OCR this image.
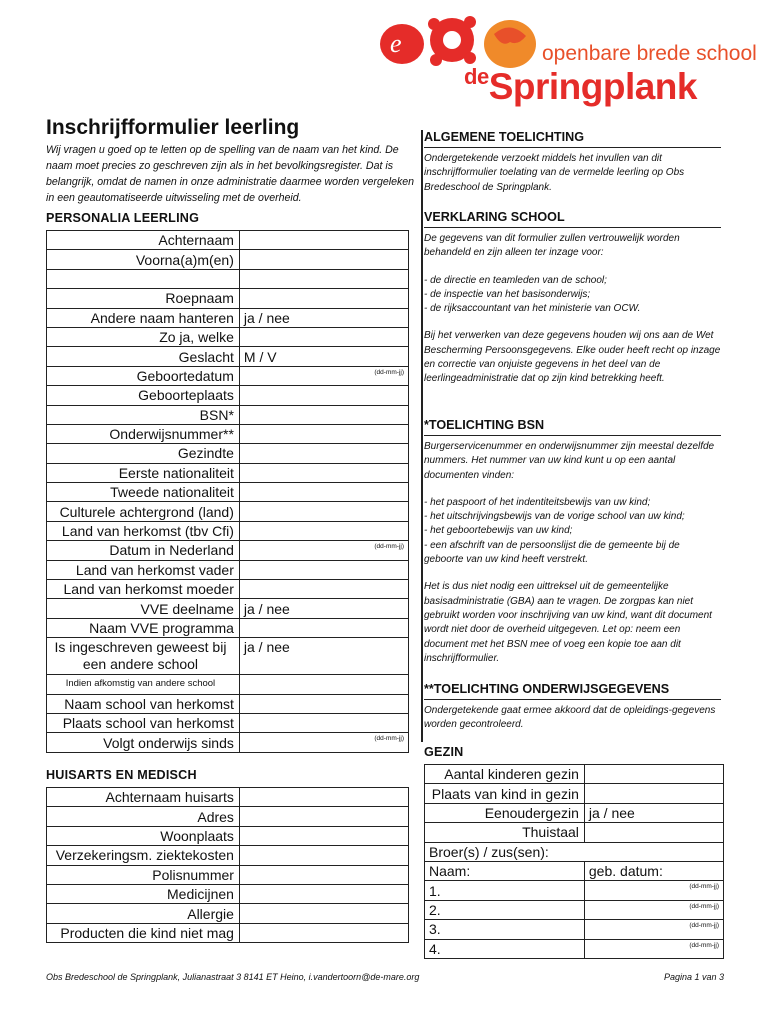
e	openbare brede school
$^{de}$Springplank
Inschrijfformulier leerling
Wij vragen u goed op te letten op de spelling van de naam van het kind. De naam moet precies zo geschreven zijn als in het bevolkingsregister. Dat is belangrijk, omdat de namen in onze administratie daarmee worden vergeleken in een geautomatiseerde uitwisseling met de overheid.
PERSONALIA LEERLING
Achternaam	
Voorna(a)m(en)	

Roepnaam	
Andere naam hanteren	ja / nee
Zo ja, welke	
Geslacht	M / V
Geboortedatum	(dd-mm-jj)

Geboorteplaats	
BSN*	
Onderwijsnummer**	
Gezindte	
Eerste nationaliteit	
Tweede nationaliteit	
Culturele achtergrond (land)	
Land van herkomst (tbv Cfi)	
Datum in Nederland	(dd-mm-jj)

Land van herkomst vader	
Land van herkomst moeder	
VVE deelname	ja / nee
Naam VVE programma	
Is ingeschreven geweest bij een andere school	ja / nee
Indien afkomstig van andere school	
Naam school van herkomst	
Plaats school van herkomst	
Volgt onderwijs sinds	(dd-mm-jj)
HUISARTS EN MEDISCH
Achternaam huisarts	
Adres	
Woonplaats	
Verzekeringsm. ziektekosten	
Polisnummer	
Medicijnen	
Allergie	
Producten die kind niet mag	
ALGEMENE TOELICHTING

Ondergetekende verzoekt middels het invullen van dit inschrijfformulier toelating van de vermelde leerling op Obs Bredeschool de Springplank.

VERKLARING SCHOOL

De gegevens van dit formulier zullen vertrouwelijk worden behandeld en zijn alleen ter inzage voor:

- de directie en teamleden van de school;
- de inspectie van het basisonderwijs;
- de rijksaccountant van het ministerie van OCW.

Bij het verwerken van deze gegevens houden wij ons aan de Wet Bescherming Persoonsgegevens. Elke ouder heeft recht op inzage en correctie van onjuiste gegevens in het deel van de leerlingeadministratie dat op zijn kind betrekking heeft.

*TOELICHTING BSN

Burgerservicenummer en onderwijsnummer zijn meestal dezelfde nummers. Het nummer van uw kind kunt u op een aantal documenten vinden:

- het paspoort of het indentiteitsbewijs van uw kind;
- het uitschrijvingsbewijs van de vorige school van uw kind;
- het geboortebewijs van uw kind;
- een afschrift van de persoonslijst die de gemeente bij de geboorte van uw kind heeft verstrekt.

Het is dus niet nodig een uittreksel uit de gemeentelijke basisadministratie (GBA) aan te vragen. De zorgpas kan niet gebruikt worden voor inschrijving van uw kind, want dit document wordt niet door de overheid uitgegeven. Let op: neem een document met het BSN mee of voeg een kopie toe aan dit inschrijfformulier.

**TOELICHTING ONDERWIJSGEGEVENS

Ondergetekende gaat ermee akkoord dat de opleidings-gegevens worden gecontroleerd.

GEZIN
Aantal kinderen gezin	
Plaats van kind in gezin	
Eenoudergezin	ja / nee
Thuistaal	
Broer(s) / zus(sen):	
Naam:	geb. datum:
1.	(dd-mm-jj)

2.	(dd-mm-jj)

3.	(dd-mm-jj)

4.	(dd-mm-jj)
Obs Bredeschool de Springplank, Julianastraat 3 8141 ET Heino, i.vandertoorn@de-mare.org	Pagina 1 van 3
